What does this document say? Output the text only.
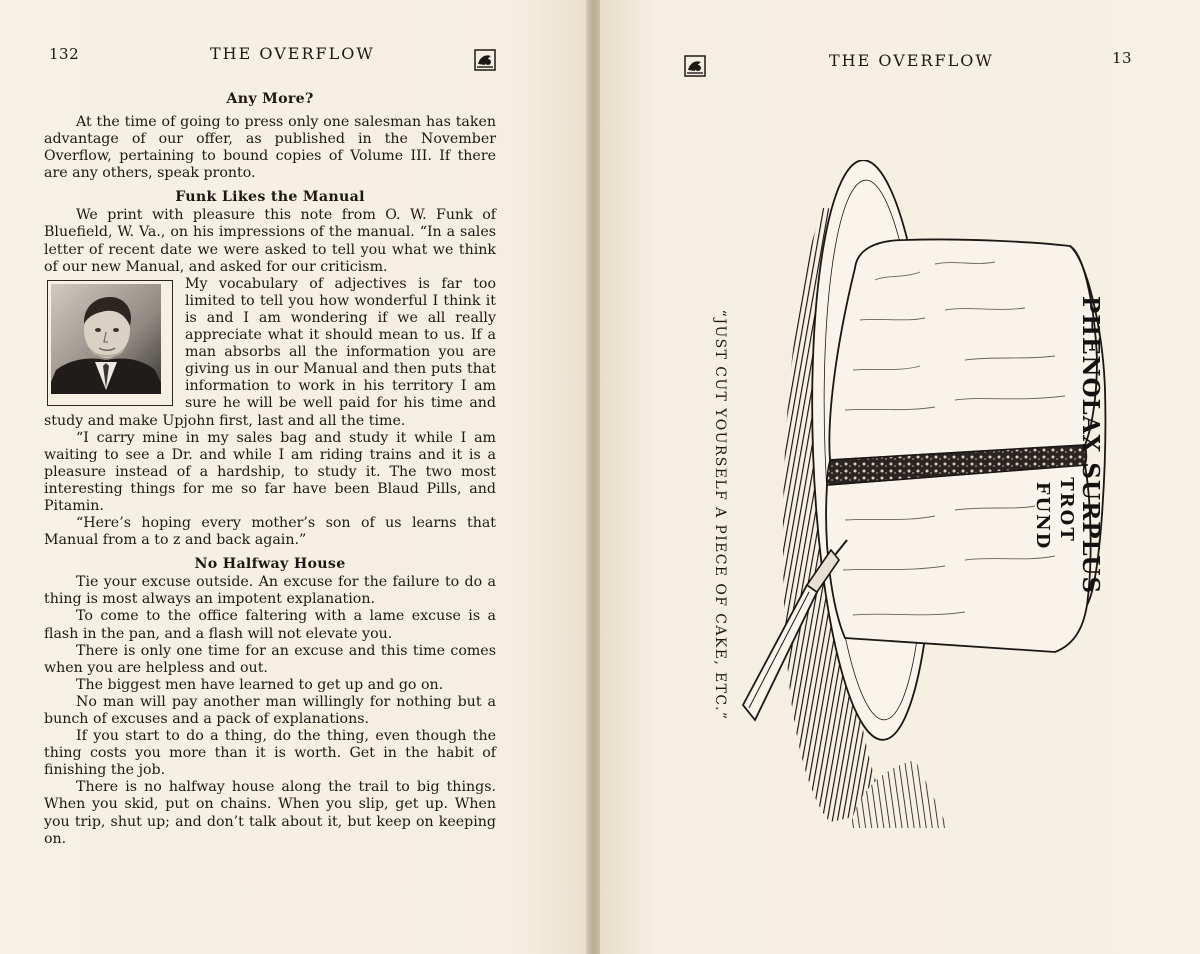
132	THE OVERFLOW
Any More?

At the time of going to press only one salesman has taken advantage of our offer, as published in the November Overflow, pertaining to bound copies of Volume III. If there are any others, speak pronto.

Funk Likes the Manual

We print with pleasure this note from O. W. Funk of Bluefield, W. Va., on his impressions of the manual. “In a sales letter of recent date we were asked to tell you what we think of our new Manual, and asked for our criticism.

My vocabulary of adjectives is far too limited to tell you how wonderful I think it is and I am wondering if we all really appreciate what it should mean to us. If a man absorbs all the information you are giving us in our Manual and then puts that information to work in his territory I am sure he will be well paid for his time and study and make Upjohn first, last and all the time.

“I carry mine in my sales bag and study it while I am waiting to see a Dr. and while I am riding trains and it is a pleasure instead of a hardship, to study it. The two most interesting things for me so far have been Blaud Pills, and Pitamin.

“Here’s hoping every mother’s son of us learns that Manual from a to z and back again.”

No Halfway House

Tie your excuse outside. An excuse for the failure to do a thing is most always an impotent explanation.

To come to the office faltering with a lame excuse is a flash in the pan, and a flash will not elevate you.

There is only one time for an excuse and this time comes when you are helpless and out.

The biggest men have learned to get up and go on.

No man will pay another man willingly for nothing but a bunch of excuses and a pack of explanations.

If you start to do a thing, do the thing, even though the thing costs you more than it is worth. Get in the habit of finishing the job.

There is no halfway house along the trail to big things. When you skid, put on chains. When you slip, get up. When you trip, shut up; and don’t talk about it, but keep on keeping on.

THE OVERFLOW	13
“JUST CUT YOURSELF A PIECE OF CAKE, ETC.”	PHENOLAX SURPLUS
TROT
FUND
